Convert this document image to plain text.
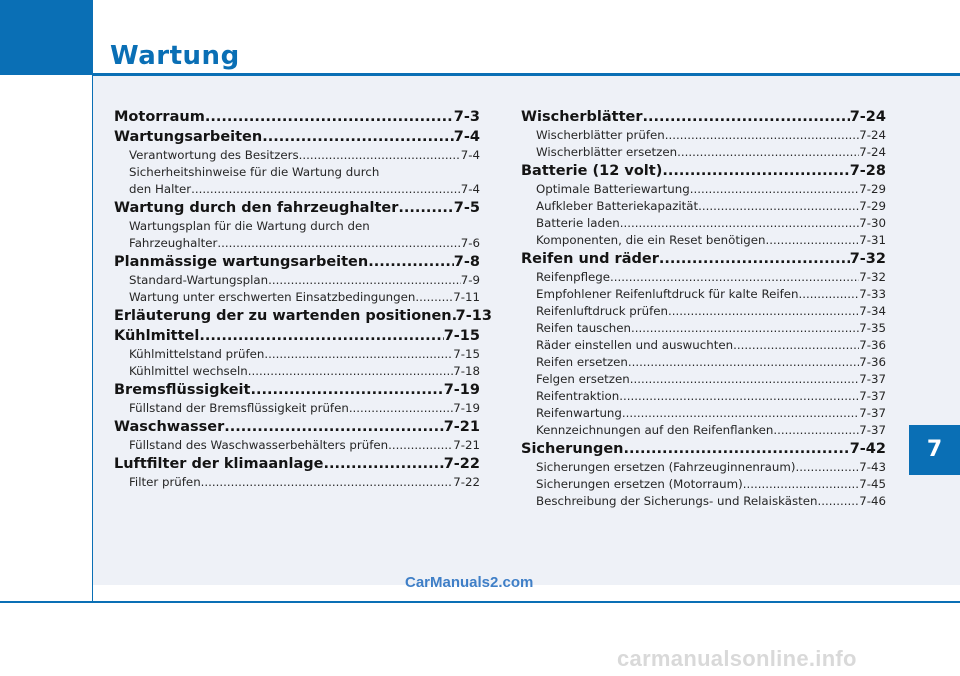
Wartung
7
Motorraum .....	7-3
Wartungsarbeiten .....	7-4
Verantwortung des Besitzers .....	7-4
Sicherheitshinweise für die Wartung durch
den Halter .....	7-4
Wartung durch den fahrzeughalter .....	7-5
Wartungsplan für die Wartung durch den
Fahrzeughalter .....	7-6
Planmässige wartungsarbeiten .....	7-8
Standard-Wartungsplan .....	7-9
Wartung unter erschwerten Einsatzbedingungen .....	7-11
Erläuterung der zu wartenden positionen ..... 7-13
Kühlmittel .....	7-15
Kühlmittelstand prüfen .....	7-15
Kühlmittel wechseln .....	7-18
Bremsflüssigkeit .....	7-19
Füllstand der Bremsflüssigkeit prüfen .....	7-19
Waschwasser .....	7-21
Füllstand des Waschwasserbehälters prüfen .....	7-21
Luftfilter der klimaanlage .....	7-22
Filter prüfen .....	7-22
Wischerblätter .....	7-24
Wischerblätter prüfen .....	7-24
Wischerblätter ersetzen .....	7-24
Batterie (12 volt) .....	7-28
Optimale Batteriewartung .....	7-29
Aufkleber Batteriekapazität .....	7-29
Batterie laden .....	7-30
Komponenten, die ein Reset benötigen .....	7-31
Reifen und räder .....	7-32
Reifenpflege .....	7-32
Empfohlener Reifenluftdruck für kalte Reifen .....	7-33
Reifenluftdruck prüfen .....	7-34
Reifen tauschen .....	7-35
Räder einstellen und auswuchten .....	7-36
Reifen ersetzen .....	7-36
Felgen ersetzen .....	7-37
Reifentraktion .....	7-37
Reifenwartung .....	7-37
Kennzeichnungen auf den Reifenflanken .....	7-37
Sicherungen .....	7-42
Sicherungen ersetzen (Fahrzeuginnenraum) .....	7-43
Sicherungen ersetzen (Motorraum) .....	7-45
Beschreibung der Sicherungs- und Relaiskästen .....	7-46
CarManuals2.com
carmanualsonline.info
